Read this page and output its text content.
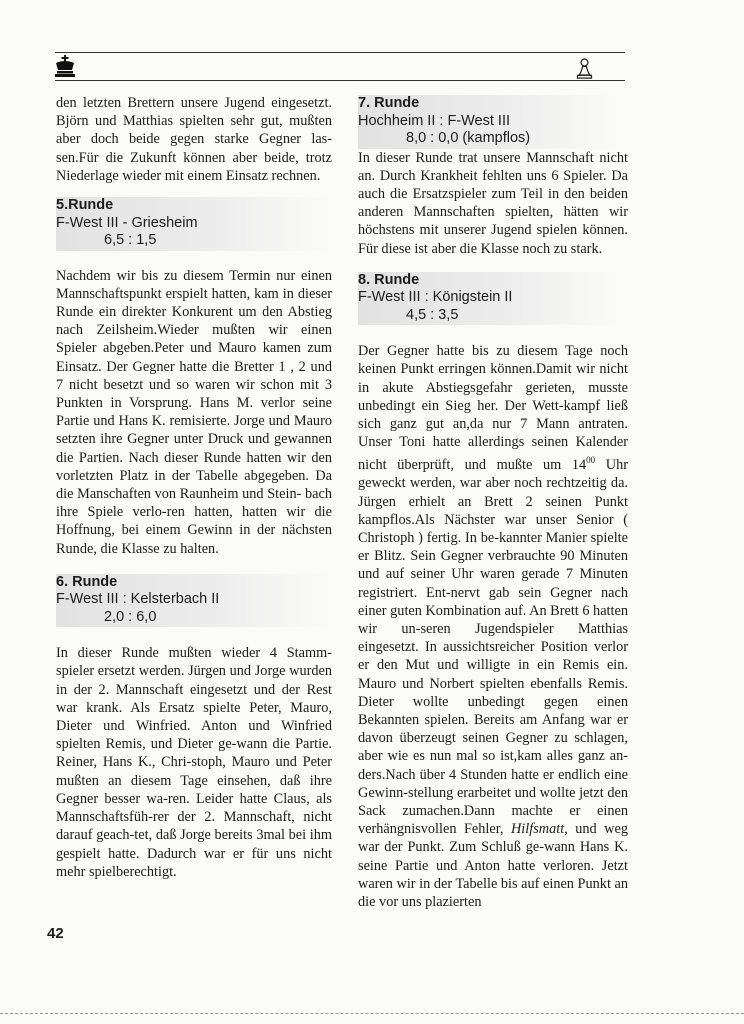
den letzten Brettern unsere Jugend eingesetzt. Björn und Matthias spielten sehr gut, mußten aber doch beide gegen starke Gegner las-sen.Für die Zukunft können aber beide, trotz Niederlage wieder mit einem Einsatz rechnen.

5.Runde
F-West III - Griesheim
6,5 : 1,5

Nachdem wir bis zu diesem Termin nur einen Mannschaftspunkt erspielt hatten, kam in dieser Runde ein direkter Konkurent um den Abstieg nach Zeilsheim.Wieder mußten wir einen Spieler abgeben.Peter und Mauro kamen zum Einsatz. Der Gegner hatte die Bretter 1 , 2 und 7 nicht besetzt und so waren wir schon mit 3 Punkten in Vorsprung. Hans M. verlor seine Partie und Hans K. remisierte. Jorge und Mauro setzten ihre Gegner unter Druck und gewannen die Partien. Nach dieser Runde hatten wir den vorletzten Platz in der Tabelle abgegeben. Da die Manschaften von Raunheim und Stein- bach ihre Spiele verlo-ren hatten, hatten wir die Hoffnung, bei einem Gewinn in der nächsten Runde, die Klasse zu halten.

6. Runde
F-West III : Kelsterbach II
2,0 : 6,0

In dieser Runde mußten wieder 4 Stamm-spieler ersetzt werden. Jürgen und Jorge wurden in der 2. Mannschaft eingesetzt und der Rest war krank. Als Ersatz spielte Peter, Mauro, Dieter und Winfried. Anton und Winfried spielten Remis, und Dieter ge-wann die Partie. Reiner, Hans K., Chri-stoph, Mauro und Peter mußten an diesem Tage einsehen, daß ihre Gegner besser wa-ren. Leider hatte Claus, als Mannschaftsfüh-rer der 2. Mannschaft, nicht darauf geach-tet, daß Jorge bereits 3mal bei ihm gespielt hatte. Dadurch war er für uns nicht mehr spielberechtigt.

7. Runde
Hochheim II : F-West III
8,0 : 0,0 (kampflos)

In dieser Runde trat unsere Mannschaft nicht an. Durch Krankheit fehlten uns 6 Spieler. Da auch die Ersatzspieler zum Teil in den beiden anderen Mannschaften spielten, hätten wir höchstens mit unserer Jugend spielen können. Für diese ist aber die Klasse noch zu stark.

8. Runde
F-West III : Königstein II
4,5 : 3,5

Der Gegner hatte bis zu diesem Tage noch keinen Punkt erringen können.Damit wir nicht in akute Abstiegsgefahr gerieten, musste unbedingt ein Sieg her. Der Wett-kampf ließ sich ganz gut an,da nur 7 Mann antraten. Unser Toni hatte allerdings seinen Kalender nicht überprüft, und mußte um $14^{00}$ Uhr geweckt werden, war aber noch rechtzeitig da. Jürgen erhielt an Brett 2 seinen Punkt kampflos.Als Nächster war unser Senior ( Christoph ) fertig. In be-kannter Manier spielte er Blitz. Sein Gegner verbrauchte 90 Minuten und auf seiner Uhr waren gerade 7 Minuten registriert. Ent-nervt gab sein Gegner nach einer guten Kombination auf. An Brett 6 hatten wir un-seren Jugendspieler Matthias eingesetzt. In aussichtsreicher Position verlor er den Mut und willigte in ein Remis ein. Mauro und Norbert spielten ebenfalls Remis. Dieter wollte unbedingt gegen einen Bekannten spielen. Bereits am Anfang war er davon überzeugt seinen Gegner zu schlagen, aber wie es nun mal so ist,kam alles ganz an-ders.Nach über 4 Stunden hatte er endlich eine Gewinn-stellung erarbeitet und wollte jetzt den Sack zumachen.Dann machte er einen verhängnisvollen Fehler, Hilfsmatt, und weg war der Punkt. Zum Schluß ge-wann Hans K. seine Partie und Anton hatte verloren. Jetzt waren wir in der Tabelle bis auf einen Punkt an die vor uns plazierten

42
